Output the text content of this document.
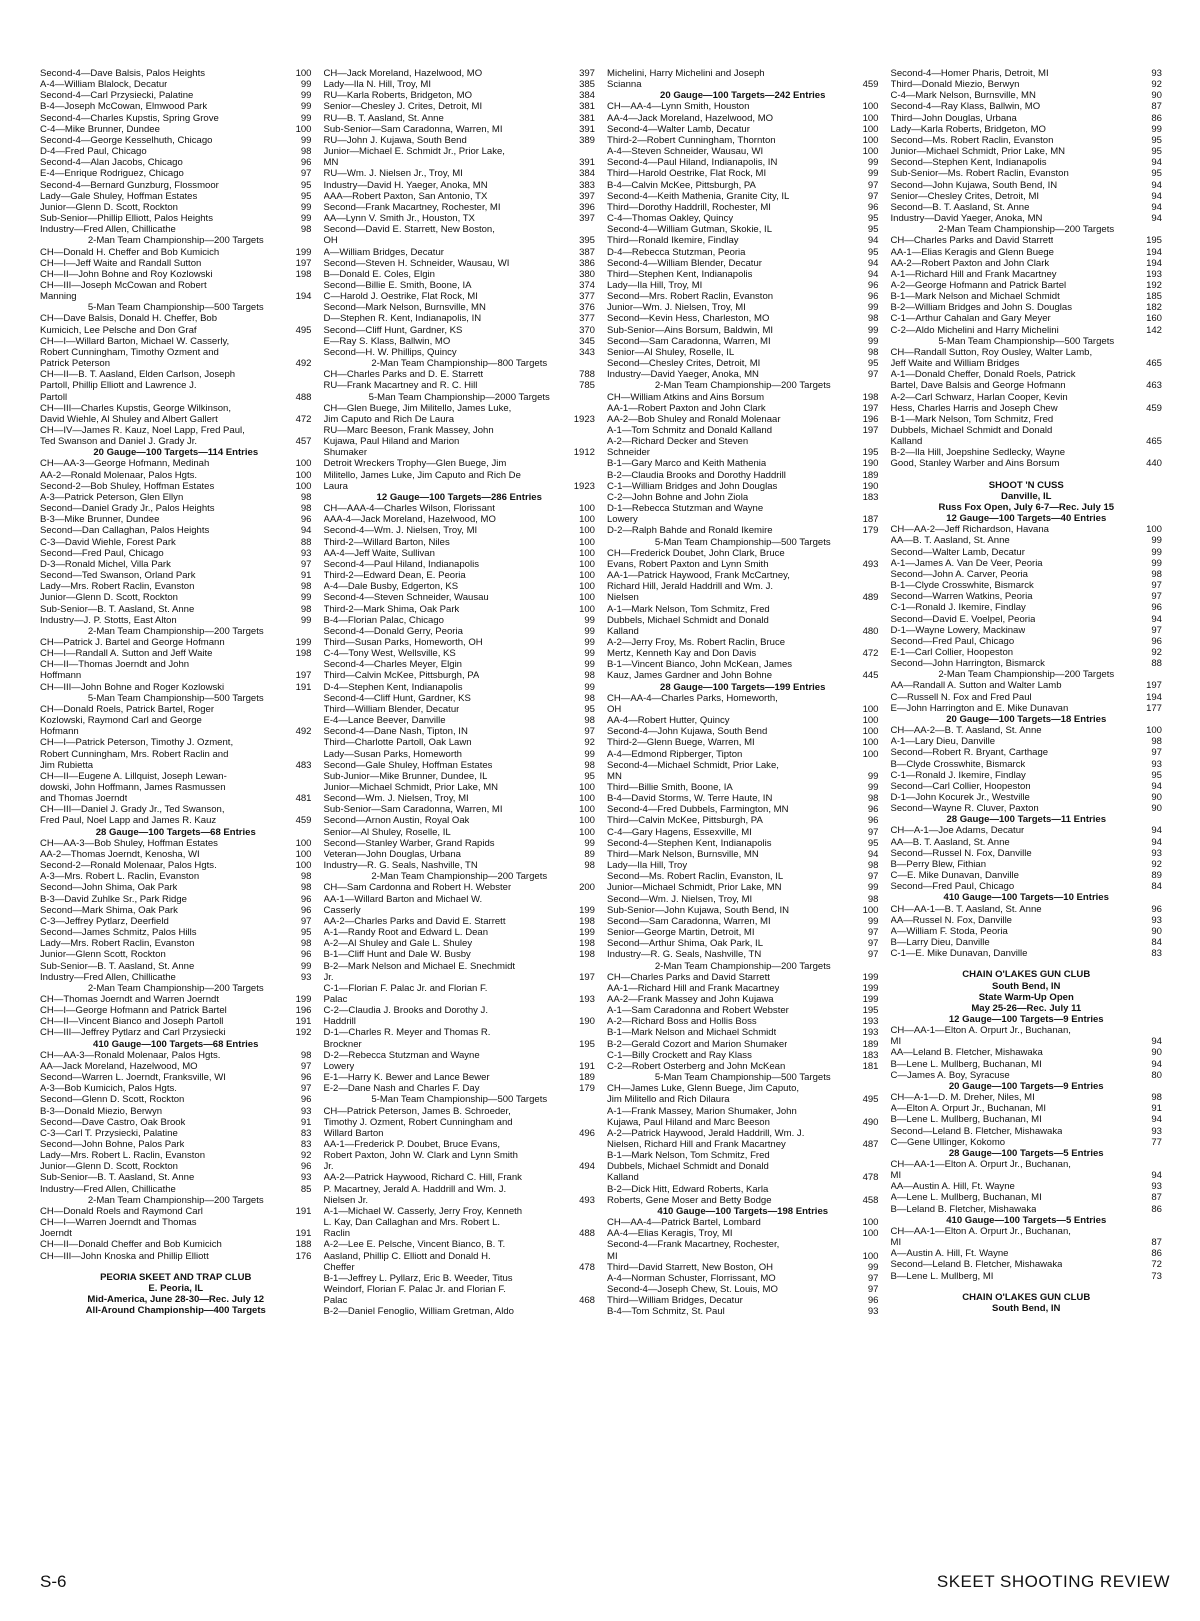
Second-4—Dave Balsis, Palos Heights	100
A-4—William Blalock, Decatur	99
Second-4—Carl Przysiecki, Palatine	99
B-4—Joseph McCowan, Elmwood Park	99
Second-4—Charles Kupstis, Spring Grove	99
C-4—Mike Brunner, Dundee	100
Second-4—George Kesselhuth, Chicago	99
D-4—Fred Paul, Chicago	98
Second-4—Alan Jacobs, Chicago	96
E-4—Enrique Rodriguez, Chicago	97
Second-4—Bernard Gunzburg, Flossmoor	95
Lady—Gale Shuley, Hoffman Estates	95
Junior—Glenn D. Scott, Rockton	99
Sub-Senior—Phillip Elliott, Palos Heights	99
Industry—Fred Allen, Chillicathe	98
2-Man Team Championship—200 Targets
CH—Donald H. Cheffer and Bob Kumicich	199
CH—I—Jeff Waite and Randall Sutton	197
CH—II—John Bohne and Roy Kozlowski	198
CH—III—Joseph McCowan and Robert
Manning	194
5-Man Team Championship—500 Targets
CH—Dave Balsis, Donald H. Cheffer, Bob
Kumicich, Lee Pelsche and Don Graf	495
CH—I—Willard Barton, Michael W. Casserly,
Robert Cunningham, Timothy Ozment and
Patrick Peterson	492
CH—II—B. T. Aasland, Elden Carlson, Joseph
Partoll, Phillip Elliott and Lawrence J.
Partoll	488
CH—III—Charles Kupstis, George Wilkinson,
David Wiehle, Al Shuley and Albert Gallert	472
CH—IV—James R. Kauz, Noel Lapp, Fred Paul,
Ted Swanson and Daniel J. Grady Jr.	457
20 Gauge—100 Targets—114 Entries
CH—AA-3—George Hofmann, Medinah	100
AA-2—Ronald Molenaar, Palos Hgts.	100
Second-2—Bob Shuley, Hoffman Estates	100
A-3—Patrick Peterson, Glen Ellyn	98
Second—Daniel Grady Jr., Palos Heights	98
B-3—Mike Brunner, Dundee	96
Second—Dan Callaghan, Palos Heights	94
C-3—David Wiehle, Forest Park	88
Second—Fred Paul, Chicago	93
D-3—Ronald Michel, Villa Park	97
Second—Ted Swanson, Orland Park	91
Lady—Mrs. Robert Raclin, Evanston	98
Junior—Glenn D. Scott, Rockton	99
Sub-Senior—B. T. Aasland, St. Anne	98
Industry—J. P. Stotts, East Alton	99
2-Man Team Championship—200 Targets
CH—Patrick J. Bartel and George Hofmann	199
CH—I—Randall A. Sutton and Jeff Waite	198
CH—II—Thomas Joerndt and John
Hoffmann	197
CH—III—John Bohne and Roger Kozlowski	191
5-Man Team Championship—500 Targets
CH—Donald Roels, Patrick Bartel, Roger
Kozlowski, Raymond Carl and George
Hofmann	492
CH—I—Patrick Peterson, Timothy J. Ozment,
Robert Cunningham, Mrs. Robert Raclin and
Jim Rubietta	483
CH—II—Eugene A. Lillquist, Joseph Lewan-
dowski, John Hoffmann, James Rasmussen
and Thomas Joerndt	481
CH—III—Daniel J. Grady Jr., Ted Swanson,
Fred Paul, Noel Lapp and James R. Kauz	459
28 Gauge—100 Targets—68 Entries
CH—AA-3—Bob Shuley, Hoffman Estates	100
AA-2—Thomas Joerndt, Kenosha, WI	100
Second-2—Ronald Molenaar, Palos Hgts.	100
A-3—Mrs. Robert L. Raclin, Evanston	98
Second—John Shima, Oak Park	98
B-3—David Zuhlke Sr., Park Ridge	96
Second—Mark Shima, Oak Park	96
C-3—Jeffrey Pytlarz, Deerfield	97
Second—James Schmitz, Palos Hills	95
Lady—Mrs. Robert Raclin, Evanston	98
Junior—Glenn Scott, Rockton	96
Sub-Senior—B. T. Aasland, St. Anne	99
Industry—Fred Allen, Chillicathe	93
2-Man Team Championship—200 Targets
CH—Thomas Joerndt and Warren Joerndt	199
CH—I—George Hofmann and Patrick Bartel	196
CH—II—Vincent Bianco and Joseph Partoll	191
CH—III—Jeffrey Pytlarz and Carl Przysiecki	192
410 Gauge—100 Targets—68 Entries
CH—AA-3—Ronald Molenaar, Palos Hgts.	98
AA—Jack Moreland, Hazelwood, MO	97
Second—Warren L. Joerndt, Franksville, WI	96
A-3—Bob Kumicich, Palos Hgts.	97
Second—Glenn D. Scott, Rockton	96
B-3—Donald Miezio, Berwyn	93
Second—Dave Castro, Oak Brook	91
C-3—Carl T. Przysiecki, Palatine	83
Second—John Bohne, Palos Park	83
Lady—Mrs. Robert L. Raclin, Evanston	92
Junior—Glenn D. Scott, Rockton	96
Sub-Senior—B. T. Aasland, St. Anne	93
Industry—Fred Allen, Chillicathe	85
2-Man Team Championship—200 Targets
CH—Donald Roels and Raymond Carl	191
CH—I—Warren Joerndt and Thomas
Joerndt	191
CH—II—Donald Cheffer and Bob Kumicich	188
CH—III—John Knoska and Phillip Elliott	176
PEORIA SKEET AND TRAP CLUB
E. Peoria, IL
Mid-America, June 28-30—Rec. July 12
All-Around Championship—400 Targets
CH—Jack Moreland, Hazelwood, MO	397
Lady—Ila N. Hill, Troy, MI	385
RU—Karla Roberts, Bridgeton, MO	384
Senior—Chesley J. Crites, Detroit, MI	381
RU—B. T. Aasland, St. Anne	381
Sub-Senior—Sam Caradonna, Warren, MI	391
RU—John J. Kujawa, South Bend	389
Junior—Michael E. Schmidt Jr., Prior Lake,
MN	391
RU—Wm. J. Nielsen Jr., Troy, MI	384
Industry—David H. Yaeger, Anoka, MN	383
AAA—Robert Paxton, San Antonio, TX	397
Second—Frank Macartney, Rochester, MI	396
AA—Lynn V. Smith Jr., Houston, TX	397
Second—David E. Starrett, New Boston,
OH	395
A—William Bridges, Decatur	387
Second—Steven H. Schneider, Wausau, WI	386
B—Donald E. Coles, Elgin	380
Second—Billie E. Smith, Boone, IA	374
C—Harold J. Oestrike, Flat Rock, MI	377
Second—Mark Nelson, Burnsville, MN	376
D—Stephen R. Kent, Indianapolis, IN	377
Second—Cliff Hunt, Gardner, KS	370
E—Ray S. Klass, Ballwin, MO	345
Second—H. W. Phillips, Quincy	343
2-Man Team Championship—800 Targets
CH—Charles Parks and D. E. Starrett	788
RU—Frank Macartney and R. C. Hill	785
5-Man Team Championship—2000 Targets
CH—Glen Buege, Jim Militello, James Luke,
Jim Caputo and Rich De Laura	1923
RU—Marc Beeson, Frank Massey, John
Kujawa, Paul Hiland and Marion
Shumaker	1912
Detroit Wreckers Trophy—Glen Buege, Jim
Militello, James Luke, Jim Caputo and Rich De
Laura	1923
12 Gauge—100 Targets—286 Entries
CH—AAA-4—Charles Wilson, Florissant	100
AAA-4—Jack Moreland, Hazelwood, MO	100
Second-4—Wm. J. Nielsen, Troy, MI	100
Third-2—Willard Barton, Niles	100
AA-4—Jeff Waite, Sullivan	100
Second-4—Paul Hiland, Indianapolis	100
Third-2—Edward Dean, E. Peoria	100
A-4—Dale Busby, Edgerton, KS	100
Second-4—Steven Schneider, Wausau	100
Third-2—Mark Shima, Oak Park	100
B-4—Florian Palac, Chicago	99
Second-4—Donald Gerry, Peoria	99
Third—Susan Parks, Homeworth, OH	99
C-4—Tony West, Wellsville, KS	99
Second-4—Charles Meyer, Elgin	99
Third—Calvin McKee, Pittsburgh, PA	98
D-4—Stephen Kent, Indianapolis	99
Second-4—Cliff Hunt, Gardner, KS	98
Third—William Blender, Decatur	95
E-4—Lance Beever, Danville	98
Second-4—Dane Nash, Tipton, IN	97
Third—Charlotte Partoll, Oak Lawn	92
Lady—Susan Parks, Homeworth	99
Second—Gale Shuley, Hoffman Estates	98
Sub-Junior—Mike Brunner, Dundee, IL	95
Junior—Michael Schmidt, Prior Lake, MN	100
Second—Wm. J. Nielsen, Troy, MI	100
Sub-Senior—Sam Caradonna, Warren, MI	100
Second—Arnon Austin, Royal Oak	100
Senior—Al Shuley, Roselle, IL	100
Second—Stanley Warber, Grand Rapids	99
Veteran—John Douglas, Urbana	89
Industry—R. G. Seals, Nashville, TN	98
2-Man Team Championship—200 Targets
CH—Sam Cardonna and Robert H. Webster	200
AA-1—Willard Barton and Michael W.
Casserly	199
AA-2—Charles Parks and David E. Starrett	198
A-1—Randy Root and Edward L. Dean	199
A-2—Al Shuley and Gale L. Shuley	198
B-1—Cliff Hunt and Dale W. Busby	198
B-2—Mark Nelson and Michael E. Snechmidt
Jr.	197
C-1—Florian F. Palac Jr. and Florian F.
Palac	193
C-2—Claudia J. Brooks and Dorothy J.
Haddrill	190
D-1—Charles R. Meyer and Thomas R.
Brockner	195
D-2—Rebecca Stutzman and Wayne
Lowery	191
E-1—Harry K. Bewer and Lance Bewer	189
E-2—Dane Nash and Charles F. Day	179
5-Man Team Championship—500 Targets
CH—Patrick Peterson, James B. Schroeder,
Timothy J. Ozment, Robert Cunningham and
Willard Barton	496
AA-1—Frederick P. Doubet, Bruce Evans,
Robert Paxton, John W. Clark and Lynn Smith
Jr.	494
AA-2—Patrick Haywood, Richard C. Hill, Frank
P. Macartney, Jerald A. Haddrill and Wm. J.
Nielsen Jr.	493
A-1—Michael W. Casserly, Jerry Froy, Kenneth
L. Kay, Dan Callaghan and Mrs. Robert L.
Raclin	488
A-2—Lee E. Pelsche, Vincent Bianco, B. T.
Aasland, Phillip C. Elliott and Donald H.
Cheffer	478
B-1—Jeffrey L. Pyllarz, Eric B. Weeder, Titus
Weindorf, Florian F. Palac Jr. and Florian F.
Palac	468
B-2—Daniel Fenoglio, William Gretman, Aldo
Michelini, Harry Michelini and Joseph
Scianna	459
20 Gauge—100 Targets—242 Entries
CH—AA-4—Lynn Smith, Houston	100
AA-4—Jack Moreland, Hazelwood, MO	100
Second-4—Walter Lamb, Decatur	100
Third-2—Robert Cunningham, Thornton	100
A-4—Steven Schneider, Wausau, WI	100
Second-4—Paul Hiland, Indianapolis, IN	99
Third—Harold Oestrike, Flat Rock, MI	99
B-4—Calvin McKee, Pittsburgh, PA	97
Second-4—Keith Mathenia, Granite City, IL	97
Third—Dorothy Haddrill, Rochester, MI	96
C-4—Thomas Oakley, Quincy	95
Second-4—William Gutman, Skokie, IL	95
Third—Ronald Ikemire, Findlay	94
D-4—Rebecca Stutzman, Peoria	95
Second-4—William Blender, Decatur	94
Third—Stephen Kent, Indianapolis	94
Lady—Ila Hill, Troy, MI	96
Second—Mrs. Robert Raclin, Evanston	96
Junior—Wm. J. Nielsen, Troy, MI	99
Second—Kevin Hess, Charleston, MO	98
Sub-Senior—Ains Borsum, Baldwin, MI	99
Second—Sam Caradonna, Warren, MI	99
Senior—Al Shuley, Roselle, IL	98
Second—Chesley Crites, Detroit, MI	95
Industry—David Yaeger, Anoka, MN	97
2-Man Team Championship—200 Targets
CH—William Atkins and Ains Borsum	198
AA-1—Robert Paxton and John Clark	197
AA-2—Bob Shuley and Ronald Molenaar	196
A-1—Tom Schmitz and Donald Kalland	197
A-2—Richard Decker and Steven
Schneider	195
B-1—Gary Marco and Keith Mathenia	190
B-2—Claudia Brooks and Dorothy Haddrill	189
C-1—William Bridges and John Douglas	190
C-2—John Bohne and John Ziola	183
D-1—Rebecca Stutzman and Wayne
Lowery	187
D-2—Ralph Bahde and Ronald Ikemire	179
5-Man Team Championship—500 Targets
CH—Frederick Doubet, John Clark, Bruce
Evans, Robert Paxton and Lynn Smith	493
AA-1—Patrick Haywood, Frank McCartney,
Richard Hill, Jerald Haddrill and Wm. J.
Nielsen	489
A-1—Mark Nelson, Tom Schmitz, Fred
Dubbels, Michael Schmidt and Donald
Kalland	480
A-2—Jerry Froy, Ms. Robert Raclin, Bruce
Mertz, Kenneth Kay and Don Davis	472
B-1—Vincent Bianco, John McKean, James
Kauz, James Gardner and John Bohne	445
28 Gauge—100 Targets—199 Entries
CH—AA-4—Charles Parks, Homeworth,
OH	100
AA-4—Robert Hutter, Quincy	100
Second-4—John Kujawa, South Bend	100
Third-2—Glenn Buege, Warren, MI	100
A-4—Edmond Ripberger, Tipton	100
Second-4—Michael Schmidt, Prior Lake,
MN	99
Third—Billie Smith, Boone, IA	99
B-4—David Storms, W. Terre Haute, IN	98
Second-4—Fred Dubbels, Farmington, MN	96
Third—Calvin McKee, Pittsburgh, PA	96
C-4—Gary Hagens, Essexville, MI	97
Second-4—Stephen Kent, Indianapolis	95
Third—Mark Nelson, Burnsville, MN	94
Lady—Ila Hill, Troy	98
Second—Ms. Robert Raclin, Evanston, IL	97
Junior—Michael Schmidt, Prior Lake, MN	99
Second—Wm. J. Nielsen, Troy, MI	98
Sub-Senior—John Kujawa, South Bend, IN	100
Second—Sam Caradonna, Warren, MI	99
Senior—George Martin, Detroit, MI	97
Second—Arthur Shima, Oak Park, IL	97
Industry—R. G. Seals, Nashville, TN	97
2-Man Team Championship—200 Targets
CH—Charles Parks and David Starrett	199
AA-1—Richard Hill and Frank Macartney	199
AA-2—Frank Massey and John Kujawa	199
A-1—Sam Caradonna and Robert Webster	195
A-2—Richard Boss and Hollis Boss	193
B-1—Mark Nelson and Michael Schmidt	193
B-2—Gerald Cozort and Marion Shumaker	189
C-1—Billy Crockett and Ray Klass	183
C-2—Robert Osterberg and John McKean	181
5-Man Team Championship—500 Targets
CH—James Luke, Glenn Buege, Jim Caputo,
Jim Militello and Rich Dilaura	495
A-1—Frank Massey, Marion Shumaker, John
Kujawa, Paul Hiland and Marc Beeson	490
A-2—Patrick Haywood, Jerald Haddrill, Wm. J.
Nielsen, Richard Hill and Frank Macartney	487
B-1—Mark Nelson, Tom Schmitz, Fred
Dubbels, Michael Schmidt and Donald
Kalland	478
B-2—Dick Hitt, Edward Roberts, Karla
Roberts, Gene Moser and Betty Bodge	458
410 Gauge—100 Targets—198 Entries
CH—AA-4—Patrick Bartel, Lombard	100
AA-4—Elias Keragis, Troy, MI	100
Second-4—Frank Macartney, Rochester,
MI	100
Third—David Starrett, New Boston, OH	99
A-4—Norman Schuster, Florrissant, MO	97
Second-4—Joseph Chew, St. Louis, MO	97
Third—William Bridges, Decatur	96
B-4—Tom Schmitz, St. Paul	93
Second-4—Homer Pharis, Detroit, MI	93
Third—Donald Miezio, Berwyn	92
C-4—Mark Nelson, Burnsville, MN	90
Second-4—Ray Klass, Ballwin, MO	87
Third—John Douglas, Urbana	86
Lady—Karla Roberts, Bridgeton, MO	99
Second—Ms. Robert Raclin, Evanston	95
Junior—Michael Schmidt, Prior Lake, MN	95
Second—Stephen Kent, Indianapolis	94
Sub-Senior—Ms. Robert Raclin, Evanston	95
Second—John Kujawa, South Bend, IN	94
Senior—Chesley Crites, Detroit, MI	94
Second—B. T. Aasland, St. Anne	94
Industry—David Yaeger, Anoka, MN	94
2-Man Team Championship—200 Targets
CH—Charles Parks and David Starrett	195
AA-1—Elias Keragis and Glenn Buege	194
AA-2—Robert Paxton and John Clark	194
A-1—Richard Hill and Frank Macartney	193
A-2—George Hofmann and Patrick Bartel	192
B-1—Mark Nelson and Michael Schmidt	185
B-2—William Bridges and John S. Douglas	182
C-1—Arthur Cahalan and Gary Meyer	160
C-2—Aldo Michelini and Harry Michelini	142
5-Man Team Championship—500 Targets
CH—Randall Sutton, Roy Ousley, Walter Lamb,
Jeff Waite and William Bridges	465
A-1—Donald Cheffer, Donald Roels, Patrick
Bartel, Dave Balsis and George Hofmann	463
A-2—Carl Schwarz, Harlan Cooper, Kevin
Hess, Charles Harris and Joseph Chew	459
B-1—Mark Nelson, Tom Schmitz, Fred
Dubbels, Michael Schmidt and Donald
Kalland	465
B-2—Ila Hill, Joepshine Sedlecky, Wayne
Good, Stanley Warber and Ains Borsum	440
SHOOT 'N CUSS
Danville, IL
Russ Fox Open, July 6-7—Rec. July 15
12 Gauge—100 Targets—40 Entries
CH—AA-2—Jeff Richardson, Havana	100
AA—B. T. Aasland, St. Anne	99
Second—Walter Lamb, Decatur	99
A-1—James A. Van De Veer, Peoria	99
Second—John A. Carver, Peoria	98
B-1—Clyde Crosswhite, Bismarck	97
Second—Warren Watkins, Peoria	97
C-1—Ronald J. Ikemire, Findlay	96
Second—David E. Voelpel, Peoria	94
D-1—Wayne Lowery, Mackinaw	97
Second—Fred Paul, Chicago	96
E-1—Carl Collier, Hoopeston	92
Second—John Harrington, Bismarck	88
2-Man Team Championship—200 Targets
AA—Randall A. Sutton and Walter Lamb	197
C—Russell N. Fox and Fred Paul	194
E—John Harrington and E. Mike Dunavan	177
20 Gauge—100 Targets—18 Entries
CH—AA-2—B. T. Aasland, St. Anne	100
A-1—Lary Dieu, Danville	98
Second—Robert R. Bryant, Carthage	97
B—Clyde Crosswhite, Bismarck	93
C-1—Ronald J. Ikemire, Findlay	95
Second—Carl Collier, Hoopeston	94
D-1—John Kocurek Jr., Westville	90
Second—Wayne R. Cluver, Paxton	90
28 Gauge—100 Targets—11 Entries
CH—A-1—Joe Adams, Decatur	94
AA—B. T. Aasland, St. Anne	94
Second—Russel N. Fox, Danville	93
B—Perry Blew, Fithian	92
C—E. Mike Dunavan, Danville	89
Second—Fred Paul, Chicago	84
410 Gauge—100 Targets—10 Entries
CH—AA-1—B. T. Aasland, St. Anne	96
AA—Russel N. Fox, Danville	93
A—William F. Stoda, Peoria	90
B—Larry Dieu, Danville	84
C-1—E. Mike Dunavan, Danville	83
CHAIN O'LAKES GUN CLUB
South Bend, IN
State Warm-Up Open
May 25-26—Rec. July 11
12 Gauge—100 Targets—9 Entries
CH—AA-1—Elton A. Orpurt Jr., Buchanan,
MI	94
AA—Leland B. Fletcher, Mishawaka	90
B—Lene L. Mullberg, Buchanan, MI	94
C—James A. Boy, Syracuse	80
20 Gauge—100 Targets—9 Entries
CH—A-1—D. M. Dreher, Niles, MI	98
A—Elton A. Orpurt Jr., Buchanan, MI	91
B—Lene L. Mullberg, Buchanan, MI	94
Second—Leland B. Fletcher, Mishawaka	93
C—Gene Ullinger, Kokomo	77
28 Gauge—100 Targets—5 Entries
CH—AA-1—Elton A. Orpurt Jr., Buchanan,
MI	94
AA—Austin A. Hill, Ft. Wayne	93
A—Lene L. Mullberg, Buchanan, MI	87
B—Leland B. Fletcher, Mishawaka	86
410 Gauge—100 Targets—5 Entries
CH—AA-1—Elton A. Orpurt Jr., Buchanan,
MI	87
A—Austin A. Hill, Ft. Wayne	86
Second—Leland B. Fletcher, Mishawaka	72
B—Lene L. Mullberg, MI	73
CHAIN O'LAKES GUN CLUB
South Bend, IN
S-6	SKEET SHOOTING REVIEW
